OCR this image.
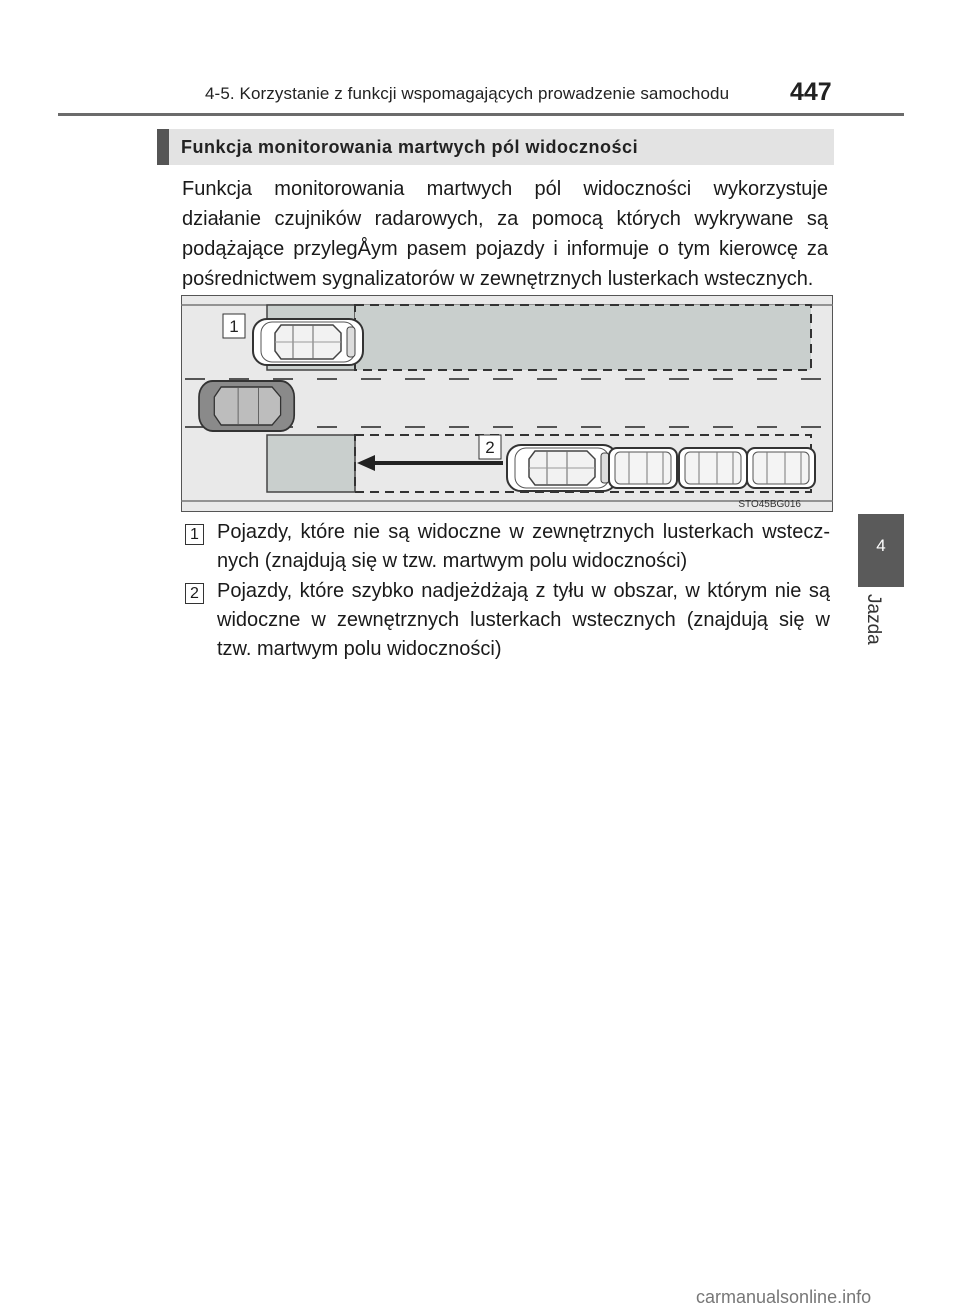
4-5. Korzystanie z funkcji wspomagających prowadzenie samochodu 447
Funkcja monitorowania martwych pól widoczności

Funkcja monitorowania martwych pól widoczności wykorzystuje działanie czujników radarowych, za pomocą których wykrywane są podążające przylegÅym pasem pojazdy i informuje o tym kierowcę za pośrednictwem sygnalizatorów w zewnętrznych lusterkach wstecznych.

1
2
STO45BG016
1 Pojazdy, które nie są widoczne w zewnętrznych lusterkach wstecz-nych (znajdują się w tzw. martwym polu widoczności)
2 Pojazdy, które szybko nadjeżdżają z tyłu w obszar, w którym nie są widoczne w zewnętrznych lusterkach wstecznych (znajdują się w tzw. martwym polu widoczności)
4
Jazda
carmanualsonline.info
